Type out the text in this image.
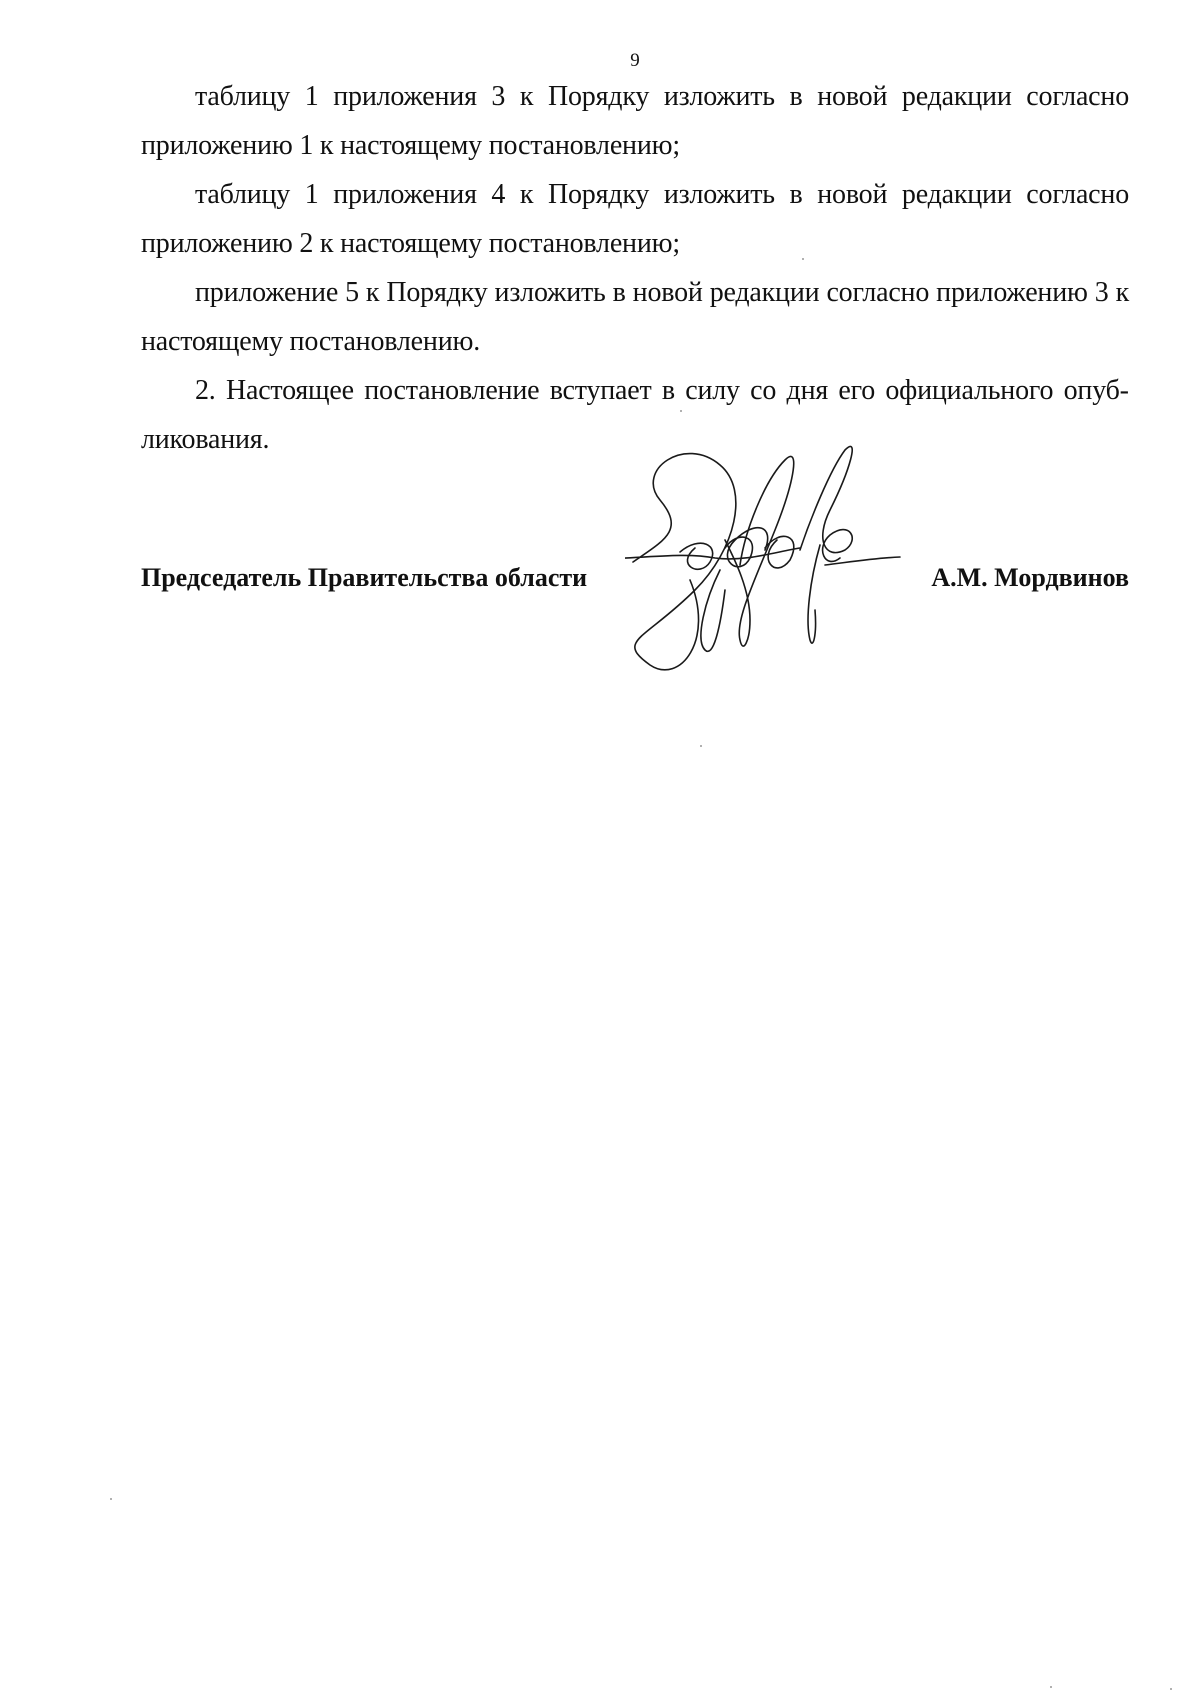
9

таблицу 1 приложения 3 к Порядку изложить в новой редакции согласно приложению 1 к настоящему постановлению;

таблицу 1 приложения 4 к Порядку изложить в новой редакции согласно приложению 2 к настоящему постановлению;

приложение 5 к Порядку изложить в новой редакции согласно приложению 3 к настоящему постановлению.

2. Настоящее постановление вступает в силу со дня его официального опубликования.

Председатель Правительства области	А.М. Мордвинов
